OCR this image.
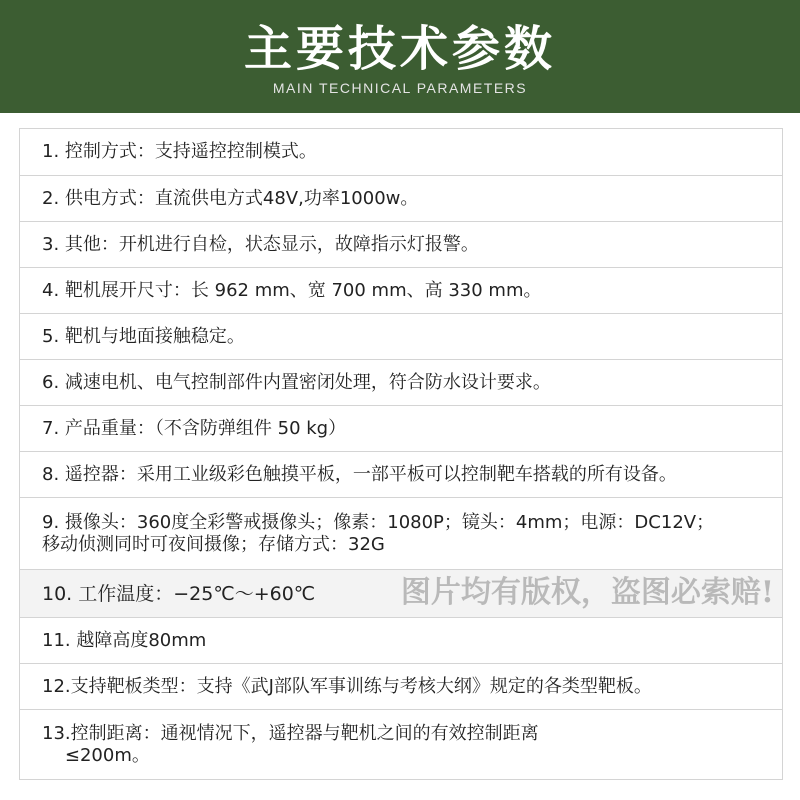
主要技术参数
MAIN TECHNICAL PARAMETERS
1. 控制方式：支持遥控控制模式。
2. 供电方式：直流供电方式48V,功率1000w。
3. 其他：开机进行自检，状态显示，故障指示灯报警。
4. 靶机展开尺寸：长 962 mm、宽 700 mm、高 330 mm。
5. 靶机与地面接触稳定。
6. 减速电机、电气控制部件内置密闭处理，符合防水设计要求。
7. 产品重量：（不含防弹组件 50 kg）
8. 遥控器：采用工业级彩色触摸平板，一部平板可以控制靶车搭载的所有设备。
9. 摄像头：360度全彩警戒摄像头；像素：1080P；镜头：4mm；电源：DC12V；
移动侦测同时可夜间摄像；存储方式：32G
10. 工作温度：−25℃～+60℃	图片均有版权，盗图必索赔!
11. 越障高度80mm
12.支持靶板类型：支持《武J部队军事训练与考核大纲》规定的各类型靶板。
13.控制距离：通视情况下，遥控器与靶机之间的有效控制距离
≤200m。
